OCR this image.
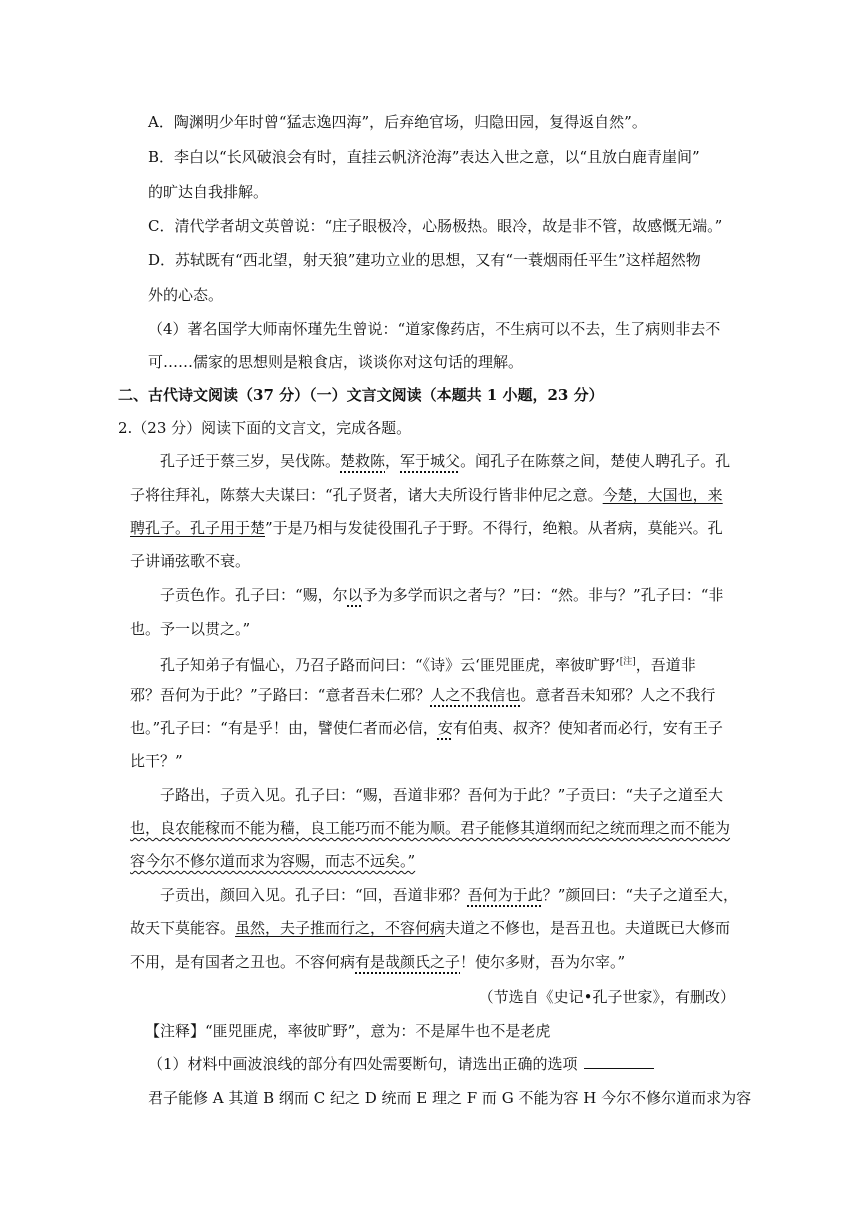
A．陶渊明少年时曾“猛志逸四海”，后弃绝官场，归隐田园，复得返自然”。
B．李白以“长风破浪会有时，直挂云帆济沧海”表达入世之意，以“且放白鹿青崖间”
的旷达自我排解。
C．清代学者胡文英曾说：“庄子眼极冷，心肠极热。眼冷，故是非不管，故感慨无端。”
D．苏轼既有“西北望，射天狼”建功立业的思想，又有“一蓑烟雨任平生”这样超然物
外的心态。
（4）著名国学大师南怀瑾先生曾说：“道家像药店，不生病可以不去，生了病则非去不
可……儒家的思想则是粮食店，谈谈你对这句话的理解。
二、古代诗文阅读（37 分）（一）文言文阅读（本题共 1 小题，23 分）
2.（23 分）阅读下面的文言文，完成各题。
孔子迁于蔡三岁，吴伐陈。楚救陈，军于城父。闻孔子在陈蔡之间，楚使人聘孔子。孔
子将往拜礼，陈蔡大夫谋曰：“孔子贤者，诸大夫所设行皆非仲尼之意。今楚，大国也，来
聘孔子。孔子用于楚”于是乃相与发徒役围孔子于野。不得行，绝粮。从者病，莫能兴。孔
子讲诵弦歌不衰。
子贡色作。孔子曰：“赐，尔以予为多学而识之者与？”曰：“然。非与？”孔子曰：“非
也。予一以贯之。”
孔子知弟子有愠心，乃召子路而问曰：“《诗》云‘匪兕匪虎，率彼旷野’[注]，吾道非
邪？吾何为于此？”子路曰：“意者吾未仁邪？人之不我信也。意者吾未知邪？人之不我行
也。”孔子曰：“有是乎！由，譬使仁者而必信，安有伯夷、叔齐？使知者而必行，安有王子
比干？”
子路出，子贡入见。孔子曰：“赐，吾道非邪？吾何为于此？”子贡曰：“夫子之道至大
也，良农能稼而不能为穑，良工能巧而不能为顺。君子能修其道纲而纪之统而理之而不能为
容今尔不修尔道而求为容赐，而志不远矣。”
子贡出，颜回入见。孔子曰：“回，吾道非邪？吾何为于此？”颜回曰：“夫子之道至大，
故天下莫能容。虽然，夫子推而行之，不容何病夫道之不修也，是吾丑也。夫道既已大修而
不用，是有国者之丑也。不容何病有是哉颜氏之子！使尔多财，吾为尔宰。”
（节选自《史记•孔子世家》，有删改）
【注释】“匪兕匪虎，率彼旷野”，意为：不是犀牛也不是老虎
（1）材料中画波浪线的部分有四处需要断句，请选出正确的选项
君子能修 A 其道 B 纲而 C 纪之 D 统而 E 理之 F 而 G 不能为容 H 今尔不修尔道而求为容
